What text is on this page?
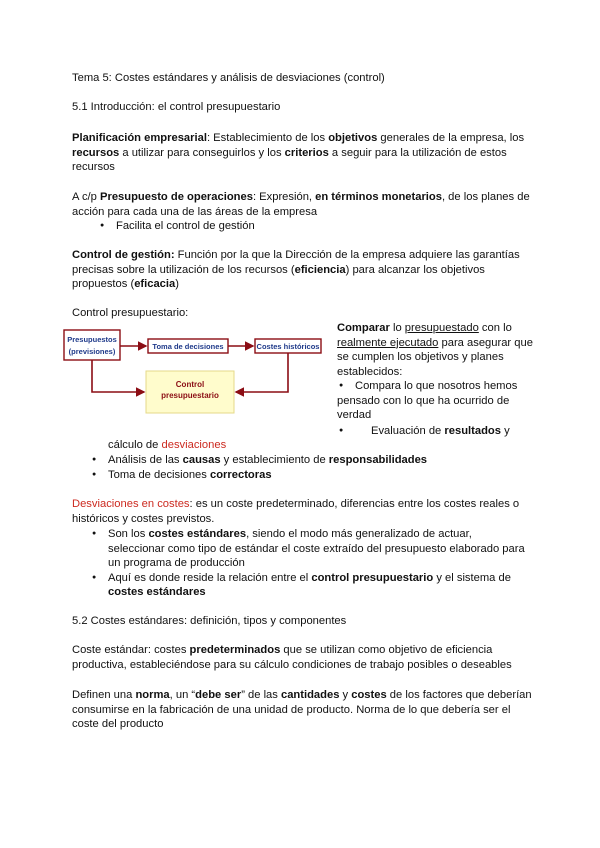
Tema 5: Costes estándares y análisis de desviaciones (control)

5.1 Introducción: el control presupuestario

Planificación empresarial: Establecimiento de los objetivos generales de la empresa, los recursos a utilizar para conseguirlos y los criterios a seguir para la utilización de estos recursos

A c/p Presupuesto de operaciones: Expresión, en términos monetarios, de los planes de acción para cada una de las áreas de la empresa

● Facilita el control de gestión

Control de gestión: Función por la que la Dirección de la empresa adquiere las garantías precisas sobre la utilización de los recursos (eficiencia) para alcanzar los objetivos propuestos (eficacia)

Control presupuestario:

Presupuestos
(previsiones)
Toma de decisiones	Costes históricos
Control
presupuestario

Comparar lo presupuestado con lo realmente ejecutado para asegurar que se cumplen los objetivos y planes establecidos:

● Compara lo que nosotros hemos pensado con lo que ha ocurrido de verdad
● Evaluación de resultados y

cálculo de desviaciones

● Análisis de las causas y establecimiento de responsabilidades
● Toma de decisiones correctoras

Desviaciones en costes: es un coste predeterminado, diferencias entre los costes reales o históricos y costes previstos.

● Son los costes estándares, siendo el modo más generalizado de actuar, seleccionar como tipo de estándar el coste extraído del presupuesto elaborado para un programa de producción
● Aquí es donde reside la relación entre el control presupuestario y el sistema de costes estándares

5.2 Costes estándares: definición, tipos y componentes

Coste estándar: costes predeterminados que se utilizan como objetivo de eficiencia productiva, estableciéndose para su cálculo condiciones de trabajo posibles o deseables

Definen una norma, un “debe ser” de las cantidades y costes de los factores que deberían consumirse en la fabricación de una unidad de producto. Norma de lo que debería ser el coste del producto
